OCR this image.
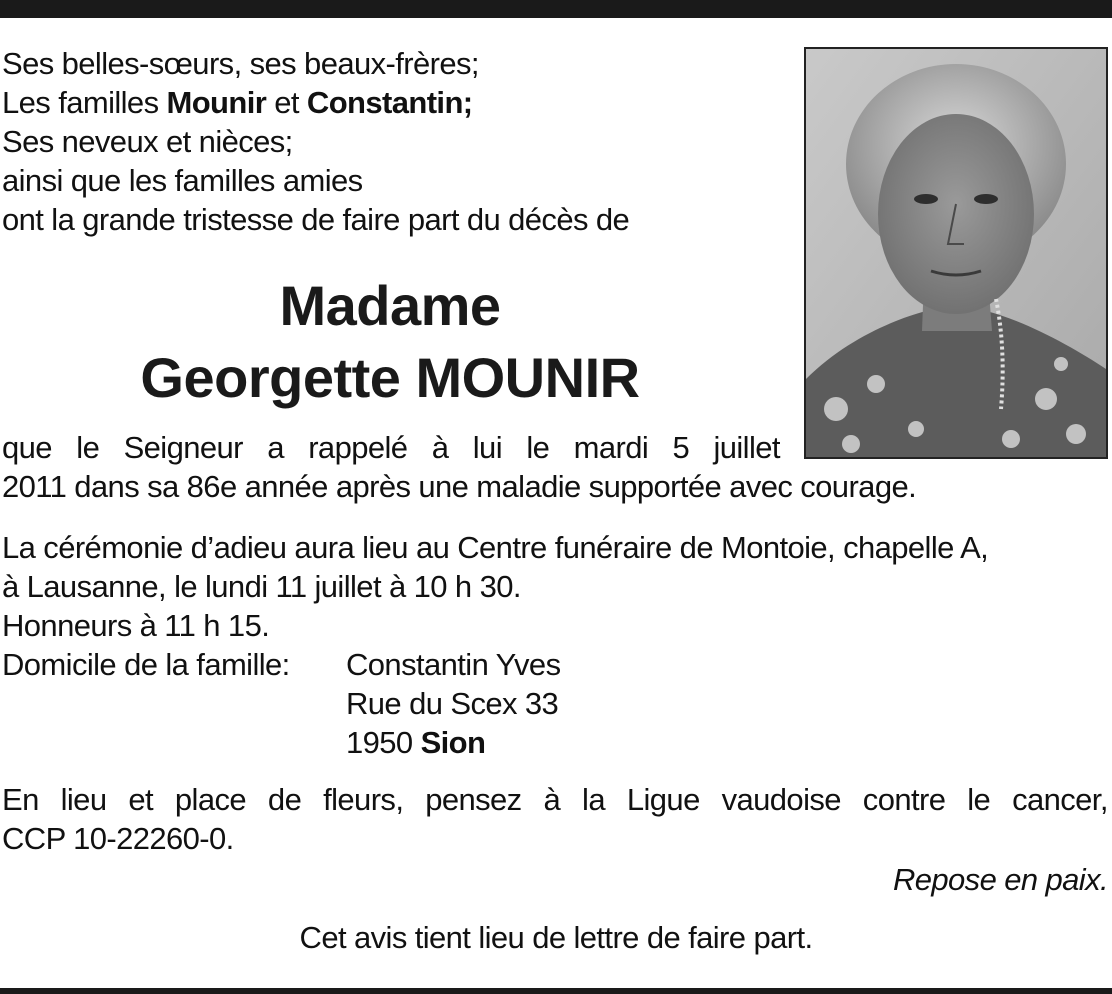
Ses belles-sœurs, ses beaux-frères;
Les familles Mounir et Constantin;
Ses neveux et nièces;
ainsi que les familles amies
ont la grande tristesse de faire part du décès de
Madame
Georgette MOUNIR
que le Seigneur a rappelé à lui le mardi 5 juillet
2011 dans sa 86e année après une maladie supportée avec courage.
La cérémonie d’adieu aura lieu au Centre funéraire de Montoie, chapelle A,
à Lausanne, le lundi 11 juillet à 10 h 30.
Honneurs à 11 h 15.
Domicile de la famille:	Constantin Yves
Rue du Scex 33
1950 Sion
En lieu et place de fleurs, pensez à la Ligue vaudoise contre le cancer,
CCP 10-22260-0.
Repose en paix.
Cet avis tient lieu de lettre de faire part.
